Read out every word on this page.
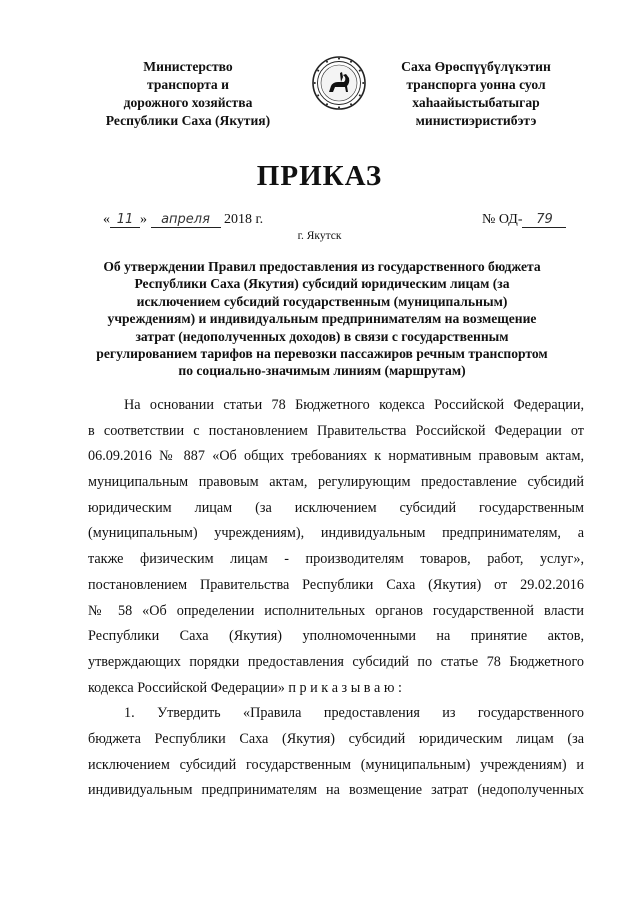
Министерство
транспорта и
дорожного хозяйства
Республики Саха (Якутия)
Саха Өрөспүүбүлүкэтин
транспорга уонна суол
хаһаайыстыбатыгар
министиэристибэтэ
ПРИКАЗ
« 11 » апреля 2018 г.	№ ОД- 79
г. Якутск
Об утверждении Правил предоставления из государственного бюджета
Республики Саха (Якутия) субсидий юридическим лицам (за
исключением субсидий государственным (муниципальным)
учреждениям) и индивидуальным предпринимателям на возмещение
затрат (недополученных доходов) в связи с государственным
регулированием тарифов на перевозки пассажиров речным транспортом
по социально-значимым линиям (маршрутам)
На основании статьи 78 Бюджетного кодекса Российской Федерации,
в соответствии с постановлением Правительства Российской Федерации от
06.09.2016 № 887 «Об общих требованиях к нормативным правовым актам,
муниципальным правовым актам, регулирующим предоставление субсидий
юридическим лицам (за исключением субсидий государственным
(муниципальным) учреждениям), индивидуальным предпринимателям, а
также физическим лицам - производителям товаров, работ, услуг»,
постановлением Правительства Республики Саха (Якутия) от 29.02.2016
№ 58 «Об определении исполнительных органов государственной власти
Республики Саха (Якутия) уполномоченными на принятие актов,
утверждающих порядки предоставления субсидий по статье 78 Бюджетного
кодекса Российской Федерации» п р и к а з ы в а ю :
1. Утвердить «Правила предоставления из государственного
бюджета Республики Саха (Якутия) субсидий юридическим лицам (за
исключением субсидий государственным (муниципальным) учреждениям) и
индивидуальным предпринимателям на возмещение затрат (недополученных
